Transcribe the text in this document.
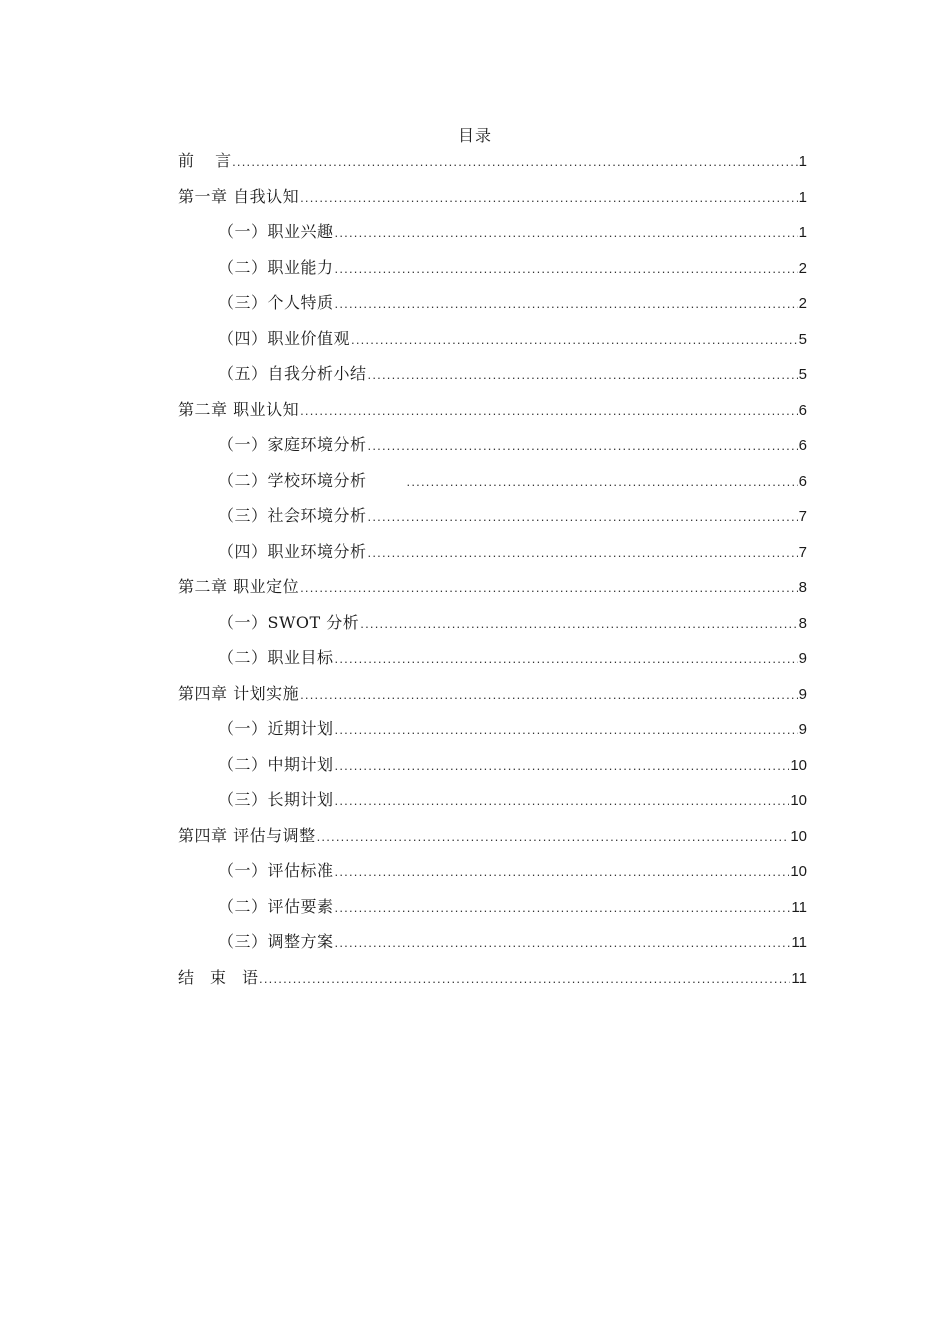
目录
前　 言 .....	1
第一章 自我认知 .....	1
（一）职业兴趣 .....	1
（二）职业能力 .....	2
（三）个人特质 .....	2
（四）职业价值观 .....	5
（五）自我分析小结 .....	5
第二章 职业认知 .....	6
（一）家庭环境分析 .....	6
（二）学校环境分析 .....	6
（三）社会环境分析 .....	7
（四）职业环境分析 .....	7
第二章 职业定位 .....	8
（一）SWOT 分析 .....	8
（二）职业目标 .....	9
第四章 计划实施 .....	9
（一）近期计划 .....	9
（二）中期计划 .....	10
（三）长期计划 .....	10
第四章 评估与调整 .....	10
（一）评估标准 .....	10
（二）评估要素 .....	11
（三）调整方案 .....	11
结　束　语 .....	11
